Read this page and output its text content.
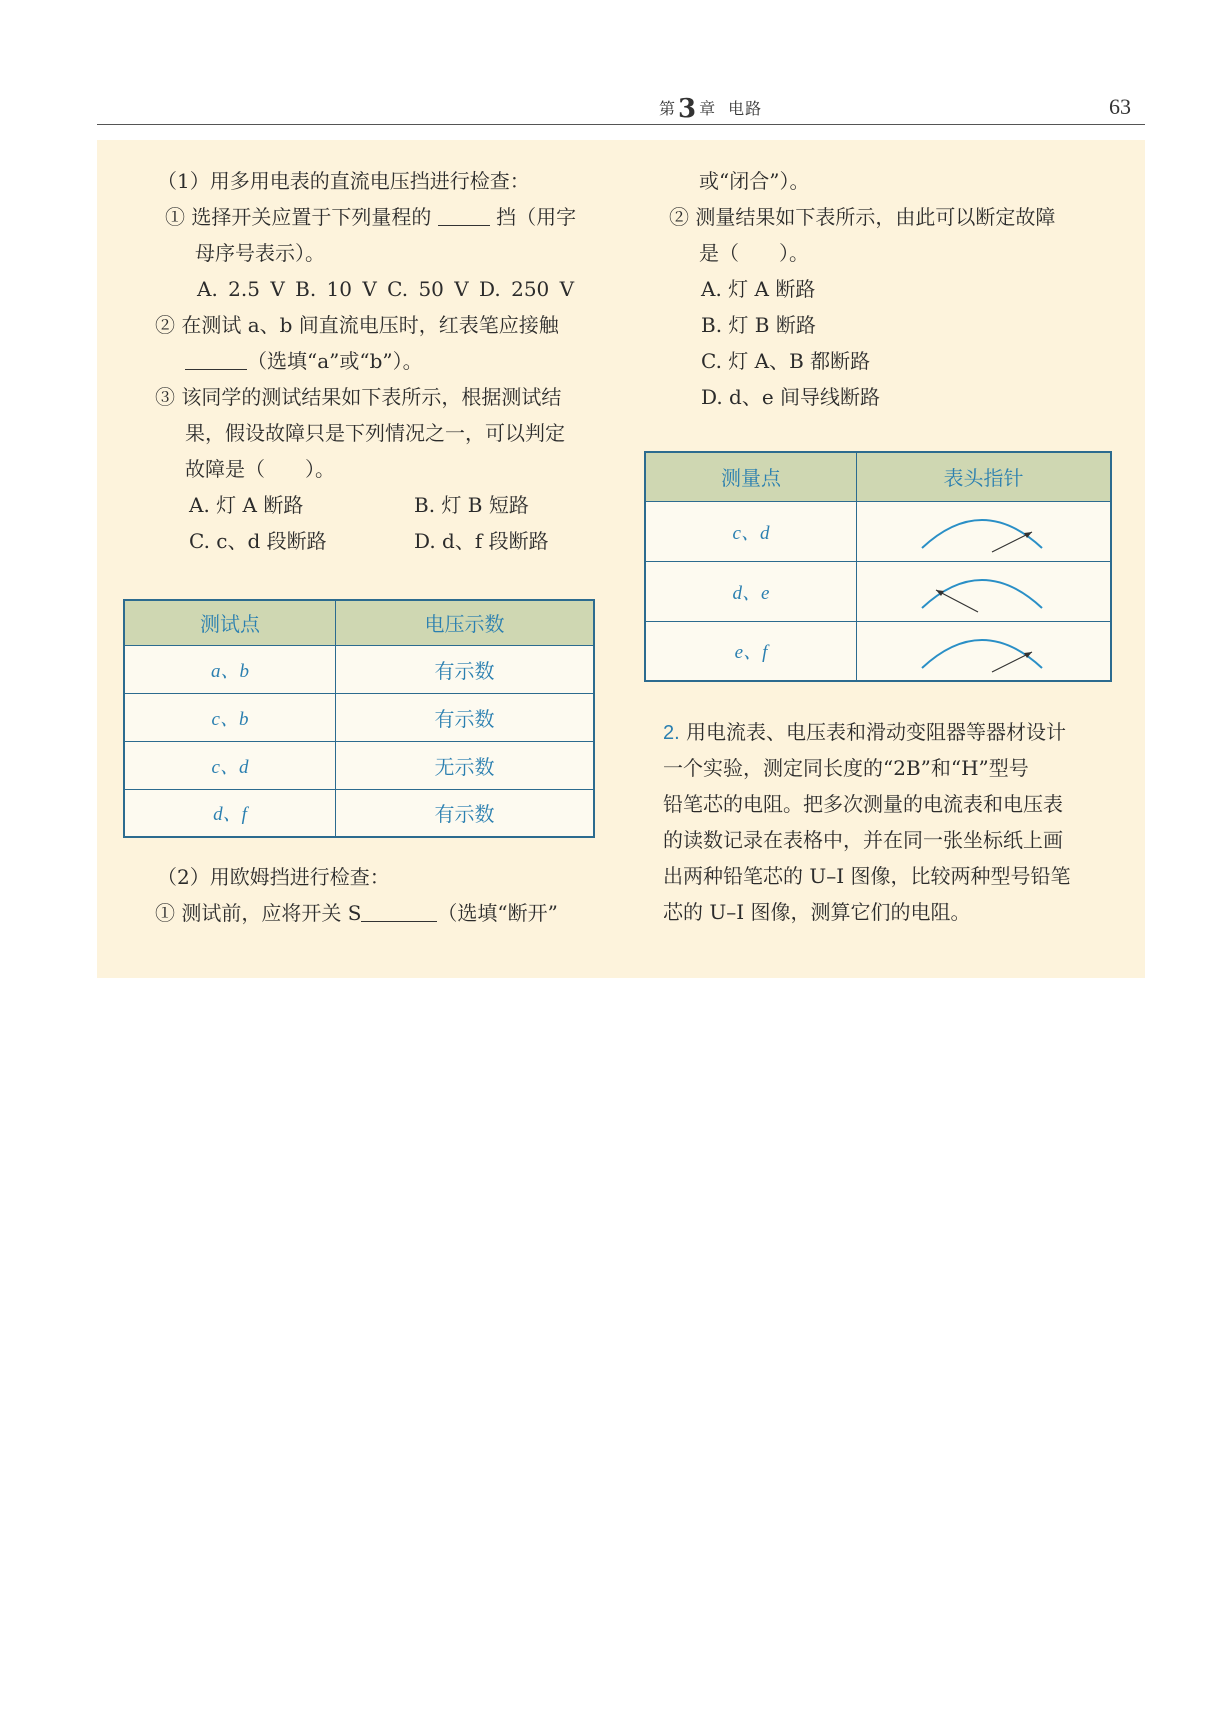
第3 章 电路	63
（1）用多用电表的直流电压挡进行检查：
① 选择开关应置于下列量程的	挡（用字
母序号表示）。
A. 2.5 V B. 10 V C. 50 V D. 250 V
② 在测试 a、b 间直流电压时，红表笔应接触
（选填“a”或“b”）。
③ 该同学的测试结果如下表所示，根据测试结
果，假设故障只是下列情况之一，可以判定
故障是（　　）。
A. 灯 A 断路	B. 灯 B 短路
C. c、d 段断路	D. d、f 段断路
测试点	电压示数
a、b	有示数
c、b	有示数
c、d	无示数
d、f	有示数
（2）用欧姆挡进行检查：
① 测试前，应将开关 S	（选填“断开”
或“闭合”）。
② 测量结果如下表所示，由此可以断定故障
是（　　）。
A. 灯 A 断路
B. 灯 B 断路
C. 灯 A、B 都断路
D. d、e 间导线断路
测量点	表头指针
c、d	

d、e	

e、f	
2. 用电流表、电压表和滑动变阻器等器材设计
一个实验，测定同长度的“2B”和“H”型号
铅笔芯的电阻。把多次测量的电流表和电压表
的读数记录在表格中，并在同一张坐标纸上画
出两种铅笔芯的 U–I 图像，比较两种型号铅笔
芯的 U–I 图像，测算它们的电阻。
